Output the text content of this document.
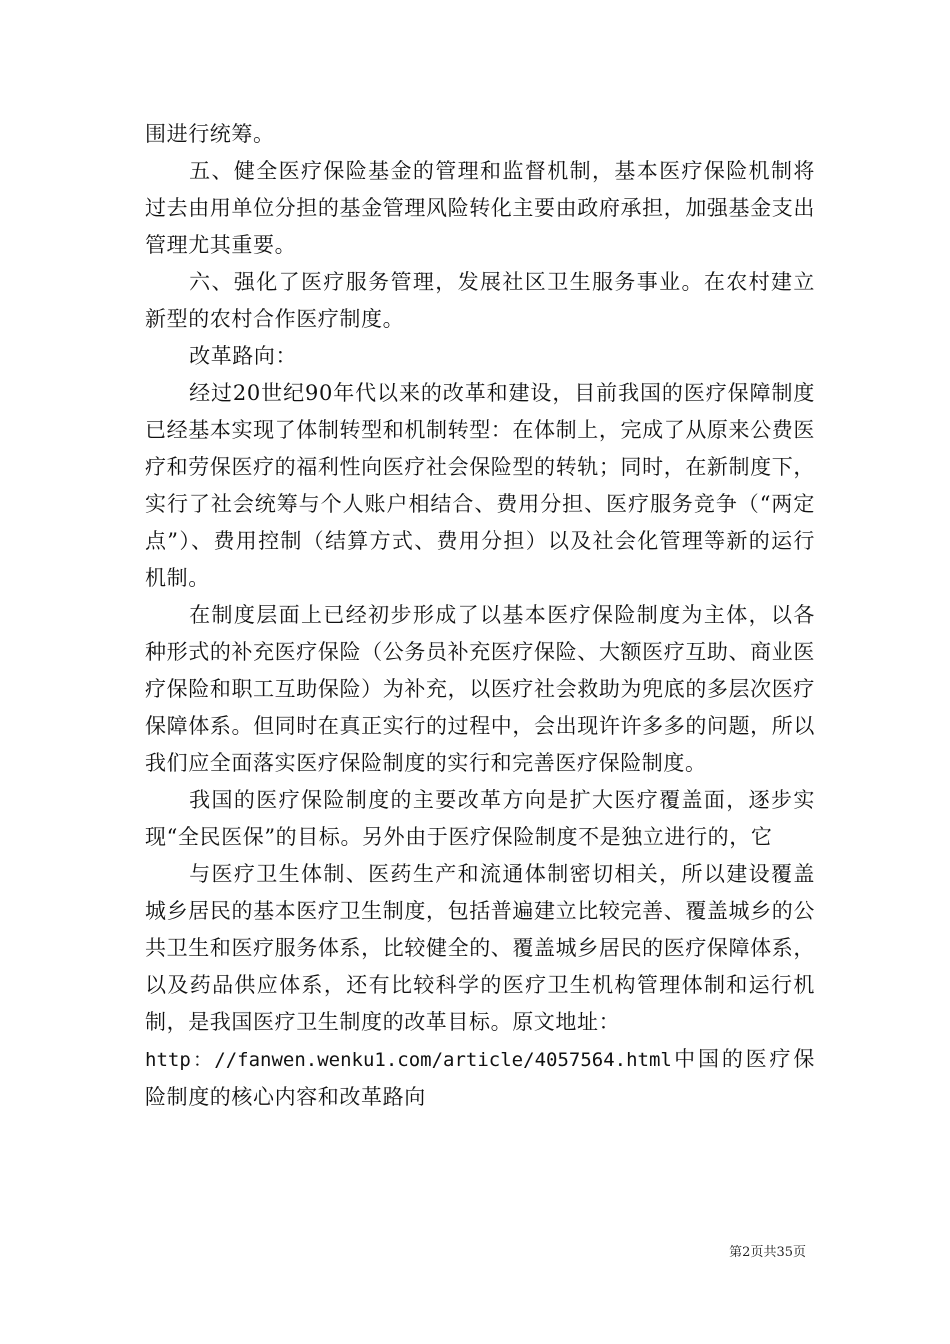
围进行统筹。

五、健全医疗保险基金的管理和监督机制，基本医疗保险机制将过去由用单位分担的基金管理风险转化主要由政府承担，加强基金支出管理尤其重要。

六、强化了医疗服务管理，发展社区卫生服务事业。在农村建立新型的农村合作医疗制度。

改革路向：

经过20世纪90年代以来的改革和建设，目前我国的医疗保障制度已经基本实现了体制转型和机制转型：在体制上，完成了从原来公费医疗和劳保医疗的福利性向医疗社会保险型的转轨；同时，在新制度下，实行了社会统筹与个人账户相结合、费用分担、医疗服务竞争（“两定点”）、费用控制（结算方式、费用分担）以及社会化管理等新的运行机制。

在制度层面上已经初步形成了以基本医疗保险制度为主体，以各种形式的补充医疗保险（公务员补充医疗保险、大额医疗互助、商业医疗保险和职工互助保险）为补充，以医疗社会救助为兜底的多层次医疗保障体系。但同时在真正实行的过程中，会出现许许多多的问题，所以我们应全面落实医疗保险制度的实行和完善医疗保险制度。

我国的医疗保险制度的主要改革方向是扩大医疗覆盖面，逐步实现“全民医保”的目标。另外由于医疗保险制度不是独立进行的，它

与医疗卫生体制、医药生产和流通体制密切相关，所以建设覆盖城乡居民的基本医疗卫生制度，包括普遍建立比较完善、覆盖城乡的公共卫生和医疗服务体系，比较健全的、覆盖城乡居民的医疗保障体系，以及药品供应体系，还有比较科学的医疗卫生机构管理体制和运行机制，是我国医疗卫生制度的改革目标。原文地址：

http：//fanwen.wenku1.com/article/4057564.html中国的医疗保险制度的核心内容和改革路向

第2页共35页
